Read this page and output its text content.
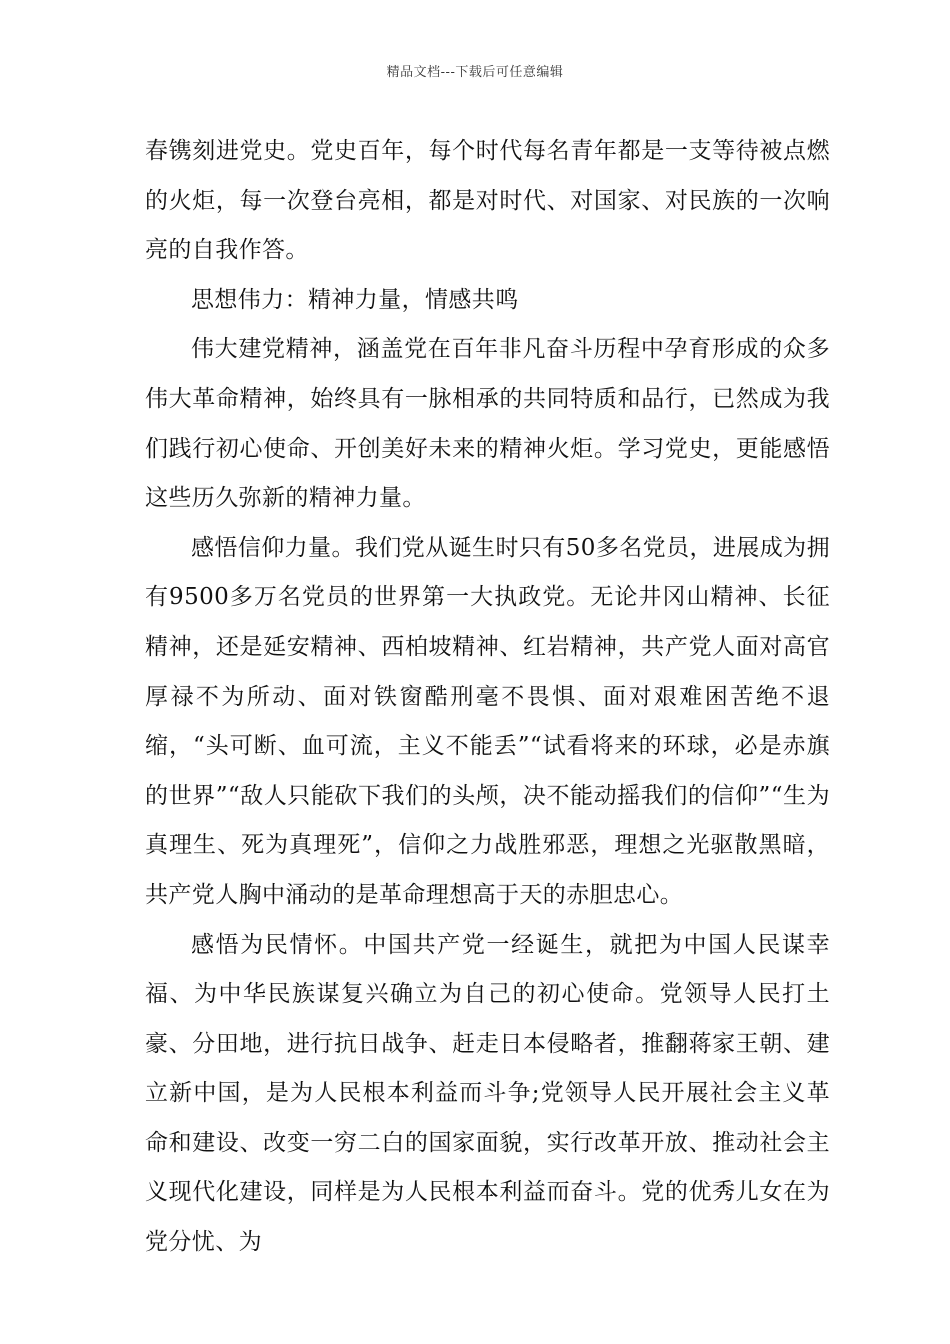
精品文档---下载后可任意编辑

春镌刻进党史。党史百年，每个时代每名青年都是一支等待被点燃的火炬，每一次登台亮相，都是对时代、对国家、对民族的一次响亮的自我作答。

思想伟力：精神力量，情感共鸣

伟大建党精神，涵盖党在百年非凡奋斗历程中孕育形成的众多伟大革命精神，始终具有一脉相承的共同特质和品行，已然成为我们践行初心使命、开创美好未来的精神火炬。学习党史，更能感悟这些历久弥新的精神力量。

感悟信仰力量。我们党从诞生时只有50多名党员，进展成为拥有9500多万名党员的世界第一大执政党。无论井冈山精神、长征精神，还是延安精神、西柏坡精神、红岩精神，共产党人面对高官厚禄不为所动、面对铁窗酷刑毫不畏惧、面对艰难困苦绝不退缩，“头可断、血可流，主义不能丢”“试看将来的环球，必是赤旗的世界”“敌人只能砍下我们的头颅，决不能动摇我们的信仰”“生为真理生、死为真理死”，信仰之力战胜邪恶，理想之光驱散黑暗，共产党人胸中涌动的是革命理想高于天的赤胆忠心。

感悟为民情怀。中国共产党一经诞生，就把为中国人民谋幸福、为中华民族谋复兴确立为自己的初心使命。党领导人民打土豪、分田地，进行抗日战争、赶走日本侵略者，推翻蒋家王朝、建立新中国，是为人民根本利益而斗争;党领导人民开展社会主义革命和建设、改变一穷二白的国家面貌，实行改革开放、推动社会主义现代化建设，同样是为人民根本利益而奋斗。党的优秀儿女在为党分忧、为
